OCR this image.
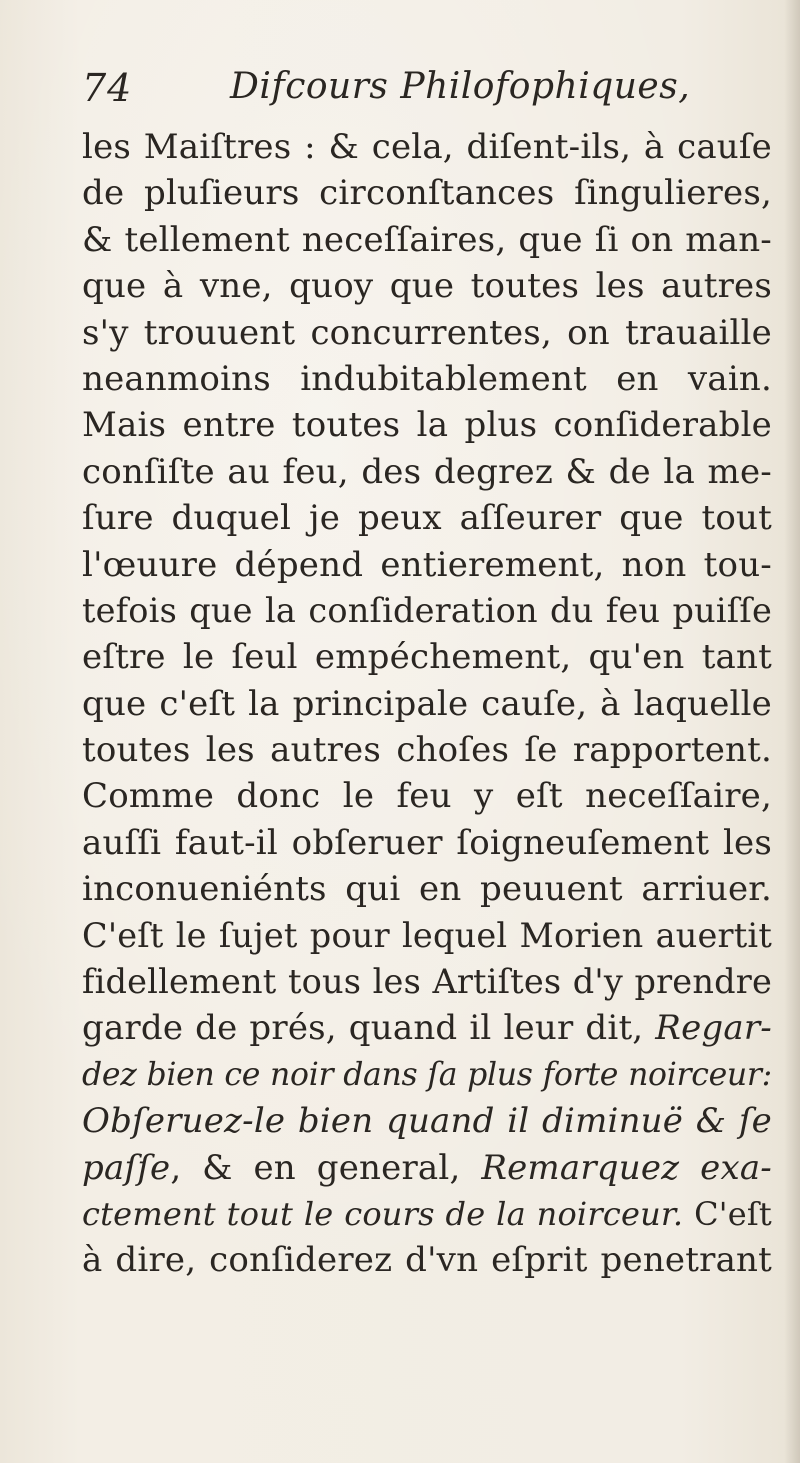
74	Difcours Philofophiques,
les Maiſtres : & cela, diſent-ils, à cauſe
de pluſieurs circonſtances ſingulieres,
& tellement neceſſaires, que ſi on man-
que à vne, quoy que toutes les autres
s'y trouuent concurrentes, on trauaille
neanmoins indubitablement en vain.
Mais entre toutes la plus conſiderable
conſiſte au feu, des degrez & de la me-
ſure duquel je peux aſſeurer que tout
l'œuure dépend entierement, non tou-
tefois que la conſideration du feu puiſſe
eſtre le ſeul empéchement, qu'en tant
que c'eſt la principale cauſe, à laquelle
toutes les autres choſes ſe rapportent.
Comme donc le feu y eſt neceſſaire,
auſſi faut-il obſeruer ſoigneuſement les
inconueniénts qui en peuuent arriuer.
C'eſt le ſujet pour lequel Morien auertit
fidellement tous les Artiſtes d'y prendre
garde de prés, quand il leur dit, Regar-
dez bien ce noir dans ſa plus forte noirceur:
Obſeruez-le bien quand il diminuë & ſe
paſſe, & en general, Remarquez exa-
ctement tout le cours de la noirceur. C'eſt
à dire, conſiderez d'vn eſprit penetrant
